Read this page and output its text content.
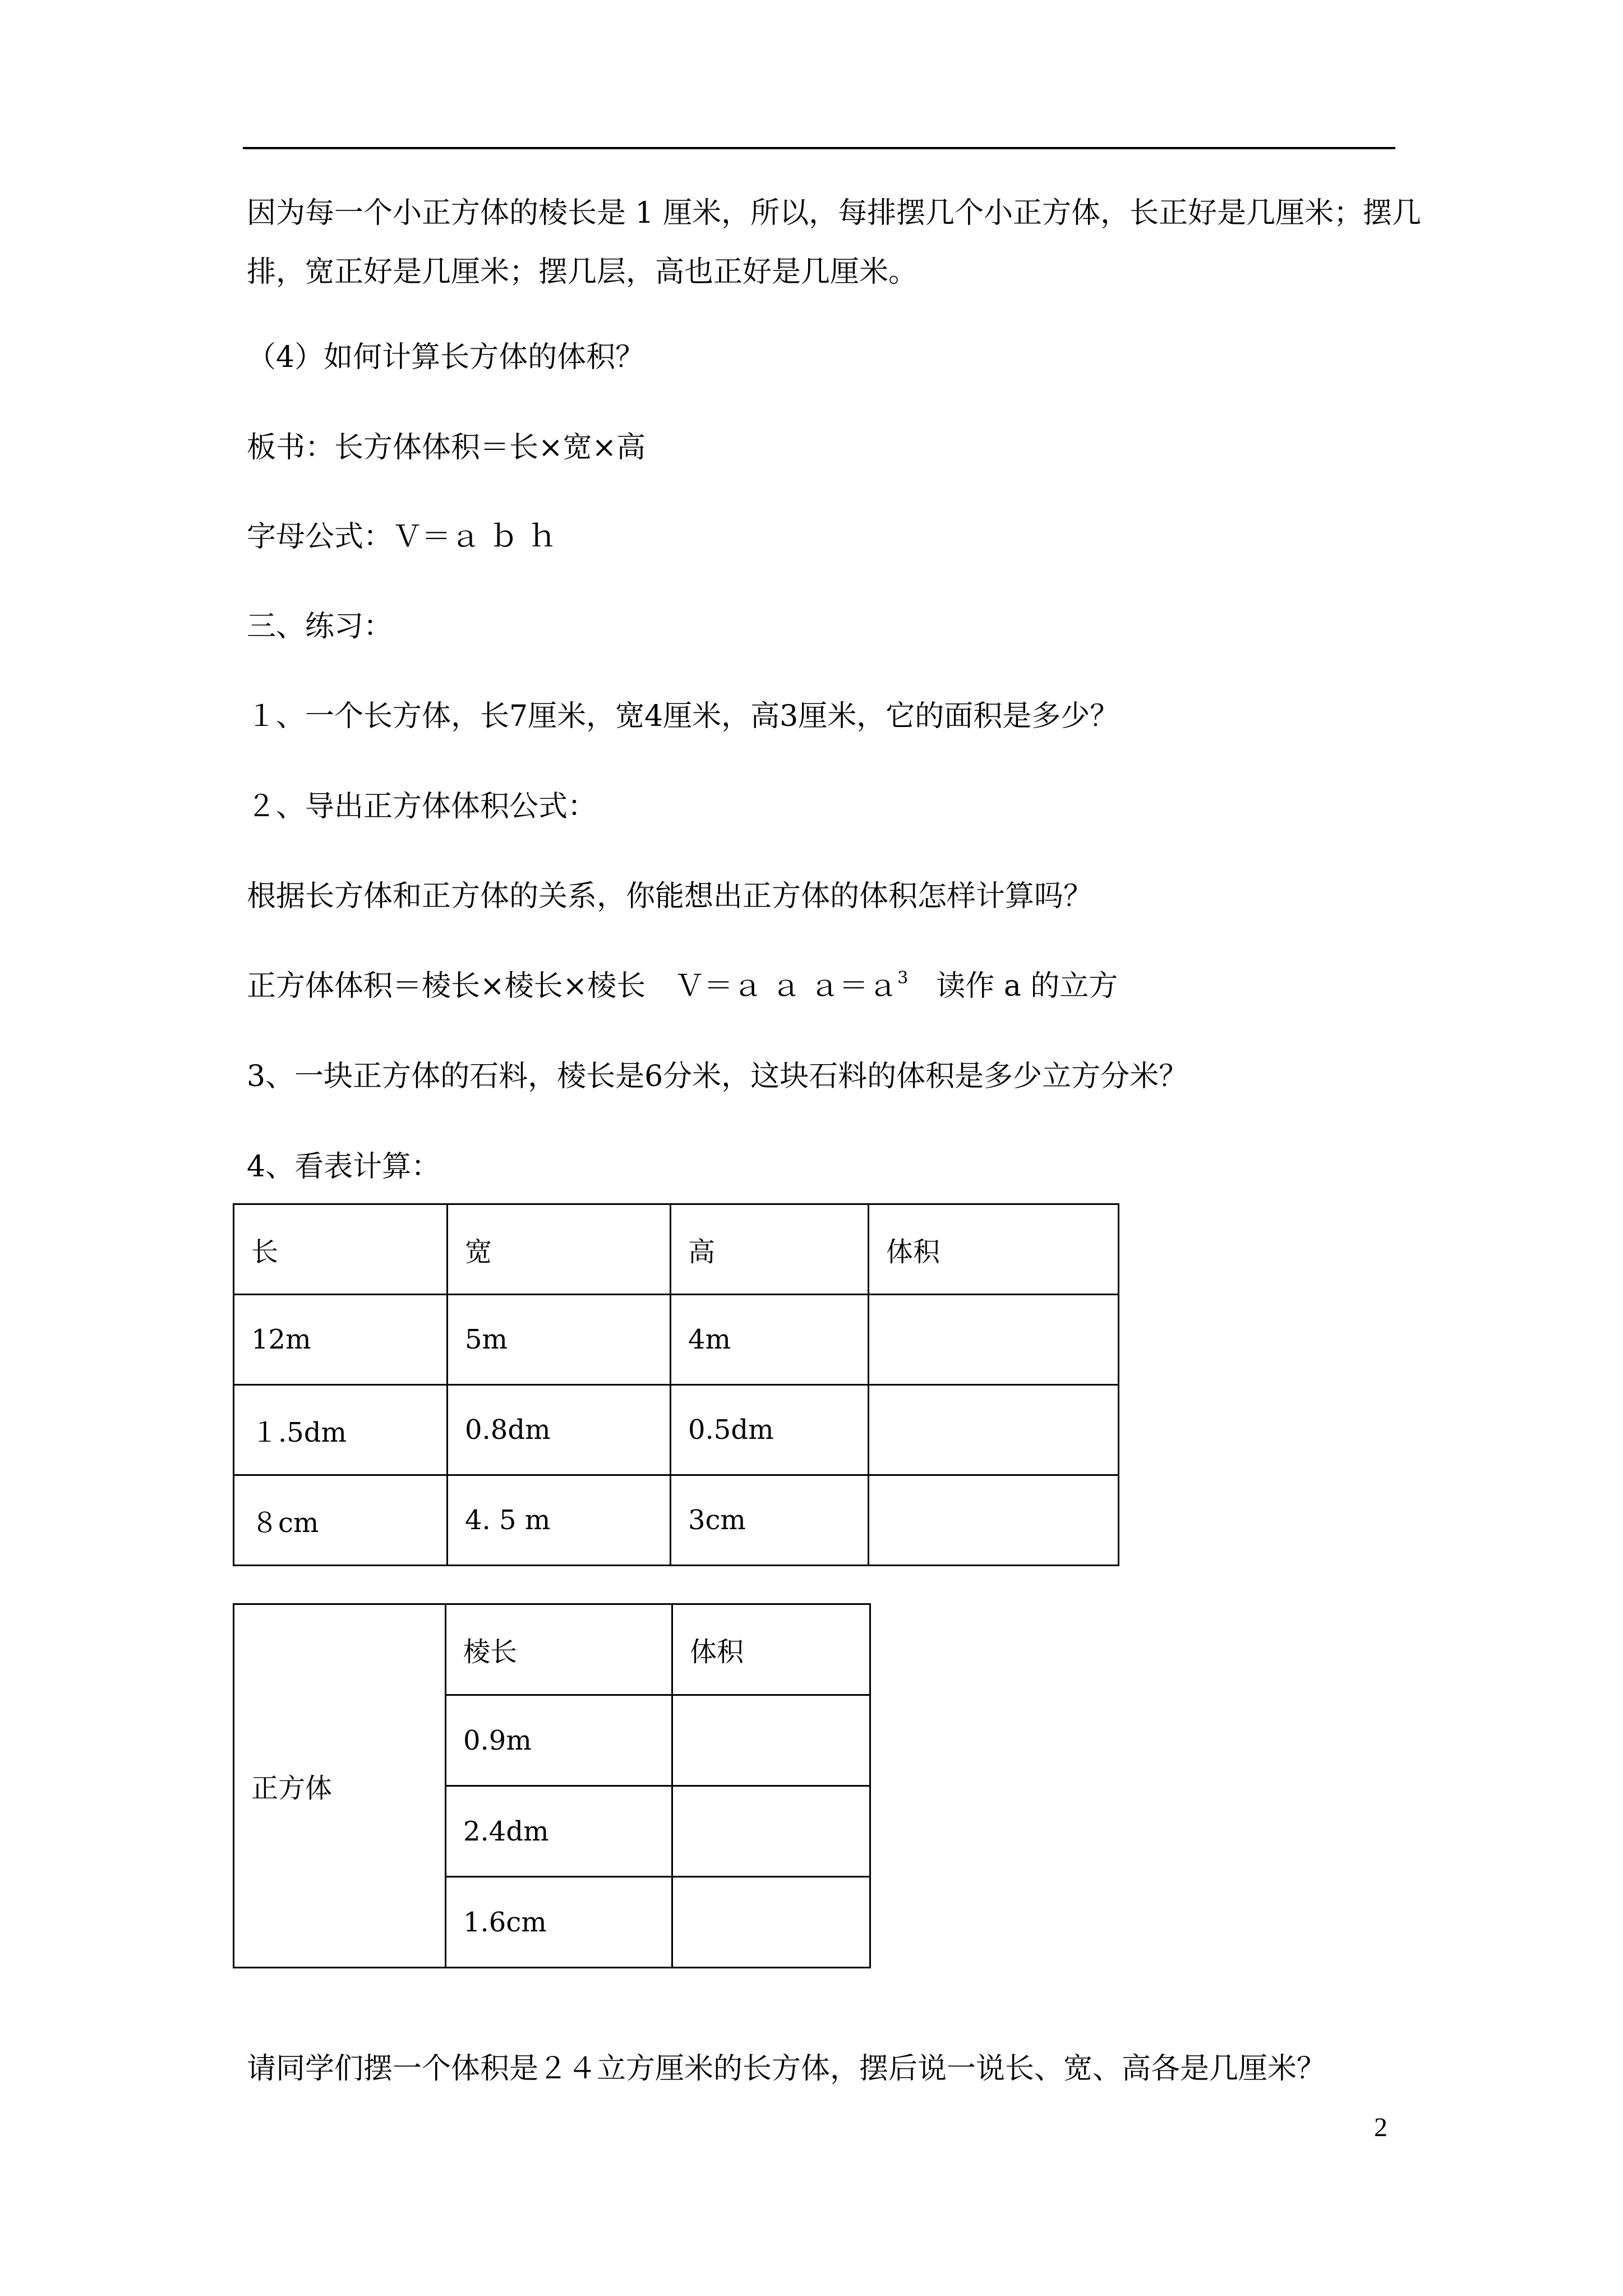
因为每一个小正方体的棱长是 1 厘米，所以，每排摆几个小正方体，长正好是几厘米；摆几
排，宽正好是几厘米；摆几层，高也正好是几厘米。
（4）如何计算长方体的体积？
板书：长方体体积＝长×宽×高
字母公式：Ｖ＝ａ ｂ ｈ
三、练习：
１、一个长方体，长7厘米，宽4厘米，高3厘米，它的面积是多少？
２、导出正方体体积公式：
根据长方体和正方体的关系，你能想出正方体的体积怎样计算吗？
正方体体积＝棱长×棱长×棱长　Ｖ＝ａ ａ ａ＝ａ$^3$ 读作 a 的立方
3、一块正方体的石料，棱长是6分米，这块石料的体积是多少立方分米？
4、看表计算：
长	宽	高	体积
12m	5m	4m	
１.5dm	0.8dm	0.5dm	
８cm	4. 5 m	3cm	
正方体	棱长	体积
	0.9m	
	2.4dm	
	1.6cm	
请同学们摆一个体积是２４立方厘米的长方体，摆后说一说长、宽、高各是几厘米？
2
